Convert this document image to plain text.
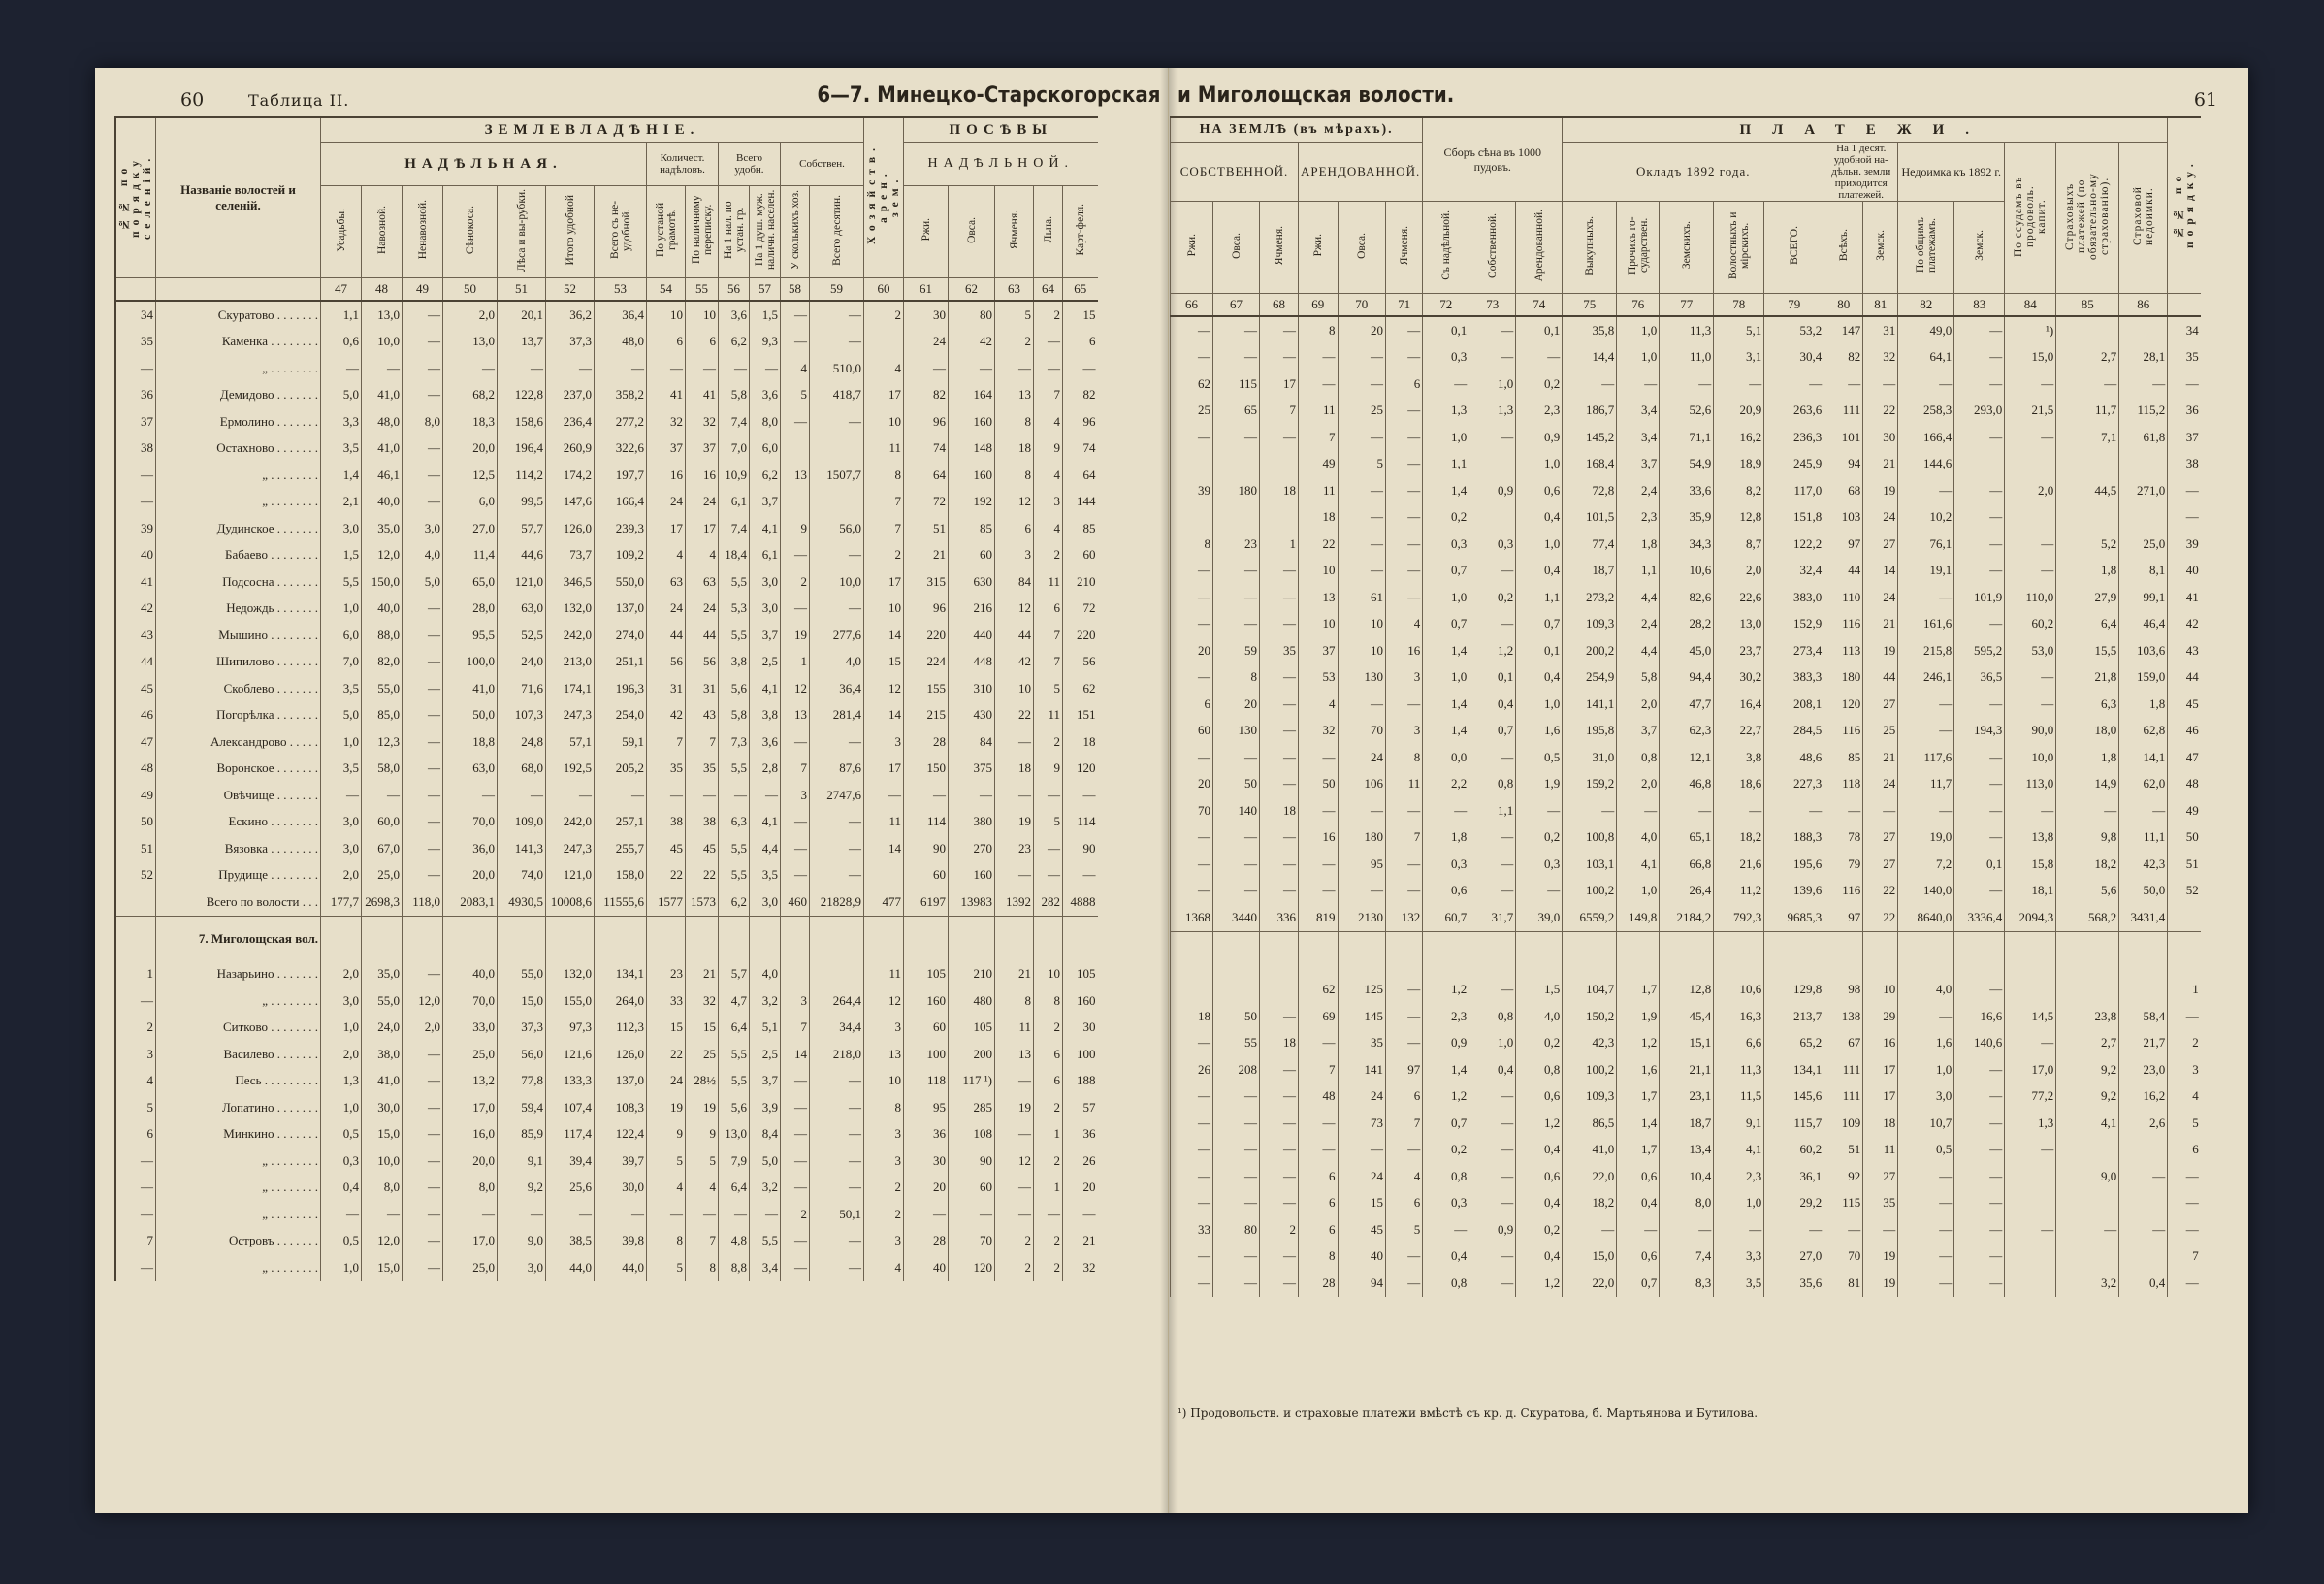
60	Таблица II.	6—7. Минецко-Старскогорская
№№ по порядку селеній.	Названіе волостей и селеній.	ЗЕМЛЕВЛАДѢНІЕ.													Хозяйств. арен. зем.	ПОСѢВЫ				
		НАДѢЛЬНАЯ.							Количест. надѣловъ.		Всего удобн.		Собствен.			НАДѢЛЬНОЙ.				
		Усадьбы.	Навозной.	Ненавозной.	Сѣнокоса.	Лѣса и вы-рубки.	Итого удобной	Всего съ не-удобной.	По устаной грамотѣ.	По наличному переписку.	На 1 нал. по устан. гр.	На 1 душ. муж. наличн. населен.	У сколькихъ хоз.	Всего десятин.		Ржи.	Овса.	Ячменя.	Льна.	Карт-феля.
		47	48	49	50	51	52	53	54	55	56	57	58	59	60	61	62	63	64	65
34	Скуратово . . . . . . .	1,1	13,0	—	2,0	20,1	36,2	36,4	10	10	3,6	1,5	—	—	2	30	80	5	2	15
35	Каменка . . . . . . . .	0,6	10,0	—	13,0	13,7	37,3	48,0	6	6	6,2	9,3	—	—		24	42	2	—	6
—	„ . . . . . . . .	—	—	—	—	—	—	—	—	—	—	—	4	510,0	4	—	—	—	—	—
36	Демидово . . . . . . .	5,0	41,0	—	68,2	122,8	237,0	358,2	41	41	5,8	3,6	5	418,7	17	82	164	13	7	82
37	Ермолино . . . . . . .	3,3	48,0	8,0	18,3	158,6	236,4	277,2	32	32	7,4	8,0	—	—	10	96	160	8	4	96
38	Остахново . . . . . . .	3,5	41,0	—	20,0	196,4	260,9	322,6	37	37	7,0	6,0			11	74	148	18	9	74
—	„ . . . . . . . .	1,4	46,1	—	12,5	114,2	174,2	197,7	16	16	10,9	6,2	13	1507,7	8	64	160	8	4	64
—	„ . . . . . . . .	2,1	40,0	—	6,0	99,5	147,6	166,4	24	24	6,1	3,7			7	72	192	12	3	144
39	Дудинское . . . . . . .	3,0	35,0	3,0	27,0	57,7	126,0	239,3	17	17	7,4	4,1	9	56,0	7	51	85	6	4	85
40	Бабаево . . . . . . . .	1,5	12,0	4,0	11,4	44,6	73,7	109,2	4	4	18,4	6,1	—	—	2	21	60	3	2	60
41	Подсосна . . . . . . .	5,5	150,0	5,0	65,0	121,0	346,5	550,0	63	63	5,5	3,0	2	10,0	17	315	630	84	11	210
42	Недождь . . . . . . .	1,0	40,0	—	28,0	63,0	132,0	137,0	24	24	5,3	3,0	—	—	10	96	216	12	6	72
43	Мышино . . . . . . . .	6,0	88,0	—	95,5	52,5	242,0	274,0	44	44	5,5	3,7	19	277,6	14	220	440	44	7	220
44	Шипилово . . . . . . .	7,0	82,0	—	100,0	24,0	213,0	251,1	56	56	3,8	2,5	1	4,0	15	224	448	42	7	56
45	Скоблево . . . . . . .	3,5	55,0	—	41,0	71,6	174,1	196,3	31	31	5,6	4,1	12	36,4	12	155	310	10	5	62
46	Погорѣлка . . . . . . .	5,0	85,0	—	50,0	107,3	247,3	254,0	42	43	5,8	3,8	13	281,4	14	215	430	22	11	151
47	Александрово . . . . .	1,0	12,3	—	18,8	24,8	57,1	59,1	7	7	7,3	3,6	—	—	3	28	84	—	2	18
48	Воронское . . . . . . .	3,5	58,0	—	63,0	68,0	192,5	205,2	35	35	5,5	2,8	7	87,6	17	150	375	18	9	120
49	Овѣчище . . . . . . .	—	—	—	—	—	—	—	—	—	—	—	3	2747,6	—	—	—	—	—	—
50	Ескино . . . . . . . .	3,0	60,0	—	70,0	109,0	242,0	257,1	38	38	6,3	4,1	—	—	11	114	380	19	5	114
51	Вязовка . . . . . . . .	3,0	67,0	—	36,0	141,3	247,3	255,7	45	45	5,5	4,4	—	—	14	90	270	23	—	90
52	Прудище . . . . . . . .	2,0	25,0	—	20,0	74,0	121,0	158,0	22	22	5,5	3,5	—	—		60	160	—	—	—
	Всего по волости . . .	177,7	2698,3	118,0	2083,1	4930,5	10008,6	11555,6	1577	1573	6,2	3,0	460	21828,9	477	6197	13983	1392	282	4888
	7. Миголощская вол.																			
1	Назарьино . . . . . . .	2,0	35,0	—	40,0	55,0	132,0	134,1	23	21	5,7	4,0			11	105	210	21	10	105
—	„ . . . . . . . .	3,0	55,0	12,0	70,0	15,0	155,0	264,0	33	32	4,7	3,2	3	264,4	12	160	480	8	8	160
2	Ситково . . . . . . . .	1,0	24,0	2,0	33,0	37,3	97,3	112,3	15	15	6,4	5,1	7	34,4	3	60	105	11	2	30
3	Василево . . . . . . .	2,0	38,0	—	25,0	56,0	121,6	126,0	22	25	5,5	2,5	14	218,0	13	100	200	13	6	100
4	Песь . . . . . . . . .	1,3	41,0	—	13,2	77,8	133,3	137,0	24	28½	5,5	3,7	—	—	10	118	117 ¹)	—	6	188
5	Лопатино . . . . . . .	1,0	30,0	—	17,0	59,4	107,4	108,3	19	19	5,6	3,9	—	—	8	95	285	19	2	57
6	Минкино . . . . . . .	0,5	15,0	—	16,0	85,9	117,4	122,4	9	9	13,0	8,4	—	—	3	36	108	—	1	36
—	„ . . . . . . . .	0,3	10,0	—	20,0	9,1	39,4	39,7	5	5	7,9	5,0	—	—	3	30	90	12	2	26
—	„ . . . . . . . .	0,4	8,0	—	8,0	9,2	25,6	30,0	4	4	6,4	3,2	—	—	2	20	60	—	1	20
—	„ . . . . . . . .	—	—	—	—	—	—	—	—	—	—	—	2	50,1	2	—	—	—	—	—
7	Островъ . . . . . . .	0,5	12,0	—	17,0	9,0	38,5	39,8	8	7	4,8	5,5	—	—	3	28	70	2	2	21
—	„ . . . . . . . .	1,0	15,0	—	25,0	3,0	44,0	44,0	5	8	8,8	3,4	—	—	4	40	120	2	2	32
и Миголощская волости.	61
НА ЗЕМЛѢ (въ мѣрахъ).						Сборъ сѣна въ 1000 пудовъ.			ПЛАТЕЖИ.												№№ по порядку.
СОБСТВЕННОЙ.			АРЕНДОВАННОЙ.						Окладъ 1892 года.					На 1 десят. удобной на-дѣльн. земли приходится платежей.		Недоимка къ 1892 г.		По ссудамъ въ продоволь. капит.	Страховыхъ платежей (по обязательно-му страхованію).	Страховой недоимки.	
Ржи.	Овса.	Ячменя.	Ржи.	Овса.	Ячменя.	Съ надѣльной.	Собственной.	Арендованной.	Выкупныхъ.	Прочихъ го-сударствен.	Земскихъ.	Волостныхъ и мірскихъ.	ВСЕГО.	Всѣхъ.	Земск.	По общимъ платежамъ.	Земск.				
66	67	68	69	70	71	72	73	74	75	76	77	78	79	80	81	82	83	84	85	86	
—	—	—	8	20	—	0,1	—	0,1	35,8	1,0	11,3	5,1	53,2	147	31	49,0	—	¹)			34
—	—	—	—	—	—	0,3	—	—	14,4	1,0	11,0	3,1	30,4	82	32	64,1	—	15,0	2,7	28,1	35
62	115	17	—	—	6	—	1,0	0,2	—	—	—	—	—	—	—	—	—	—	—	—	—
25	65	7	11	25	—	1,3	1,3	2,3	186,7	3,4	52,6	20,9	263,6	111	22	258,3	293,0	21,5	11,7	115,2	36
—	—	—	7	—	—	1,0	—	0,9	145,2	3,4	71,1	16,2	236,3	101	30	166,4	—	—	7,1	61,8	37
			49	5	—	1,1		1,0	168,4	3,7	54,9	18,9	245,9	94	21	144,6					38
39	180	18	11	—	—	1,4	0,9	0,6	72,8	2,4	33,6	8,2	117,0	68	19	—	—	2,0	44,5	271,0	—
			18	—	—	0,2		0,4	101,5	2,3	35,9	12,8	151,8	103	24	10,2	—				—
8	23	1	22	—	—	0,3	0,3	1,0	77,4	1,8	34,3	8,7	122,2	97	27	76,1	—	—	5,2	25,0	39
—	—	—	10	—	—	0,7	—	0,4	18,7	1,1	10,6	2,0	32,4	44	14	19,1	—	—	1,8	8,1	40
—	—	—	13	61	—	1,0	0,2	1,1	273,2	4,4	82,6	22,6	383,0	110	24	—	101,9	110,0	27,9	99,1	41
—	—	—	10	10	4	0,7	—	0,7	109,3	2,4	28,2	13,0	152,9	116	21	161,6	—	60,2	6,4	46,4	42
20	59	35	37	10	16	1,4	1,2	0,1	200,2	4,4	45,0	23,7	273,4	113	19	215,8	595,2	53,0	15,5	103,6	43
—	8	—	53	130	3	1,0	0,1	0,4	254,9	5,8	94,4	30,2	383,3	180	44	246,1	36,5	—	21,8	159,0	44
6	20	—	4	—	—	1,4	0,4	1,0	141,1	2,0	47,7	16,4	208,1	120	27	—	—	—	6,3	1,8	45
60	130	—	32	70	3	1,4	0,7	1,6	195,8	3,7	62,3	22,7	284,5	116	25	—	194,3	90,0	18,0	62,8	46
—	—	—	—	24	8	0,0	—	0,5	31,0	0,8	12,1	3,8	48,6	85	21	117,6	—	10,0	1,8	14,1	47
20	50	—	50	106	11	2,2	0,8	1,9	159,2	2,0	46,8	18,6	227,3	118	24	11,7	—	113,0	14,9	62,0	48
70	140	18	—	—	—	—	1,1	—	—	—	—	—	—	—	—	—	—	—	—	—	49
—	—	—	16	180	7	1,8	—	0,2	100,8	4,0	65,1	18,2	188,3	78	27	19,0	—	13,8	9,8	11,1	50
—	—	—	—	95	—	0,3	—	0,3	103,1	4,1	66,8	21,6	195,6	79	27	7,2	0,1	15,8	18,2	42,3	51
—	—	—	—	—	—	0,6	—	—	100,2	1,0	26,4	11,2	139,6	116	22	140,0	—	18,1	5,6	50,0	52
1368	3440	336	819	2130	132	60,7	31,7	39,0	6559,2	149,8	2184,2	792,3	9685,3	97	22	8640,0	3336,4	2094,3	568,2	3431,4	

			62	125	—	1,2	—	1,5	104,7	1,7	12,8	10,6	129,8	98	10	4,0	—				1
18	50	—	69	145	—	2,3	0,8	4,0	150,2	1,9	45,4	16,3	213,7	138	29	—	16,6	14,5	23,8	58,4	—
—	55	18	—	35	—	0,9	1,0	0,2	42,3	1,2	15,1	6,6	65,2	67	16	1,6	140,6	—	2,7	21,7	2
26	208	—	7	141	97	1,4	0,4	0,8	100,2	1,6	21,1	11,3	134,1	111	17	1,0	—	17,0	9,2	23,0	3
—	—	—	48	24	6	1,2	—	0,6	109,3	1,7	23,1	11,5	145,6	111	17	3,0	—	77,2	9,2	16,2	4
—	—	—	—	73	7	0,7	—	1,2	86,5	1,4	18,7	9,1	115,7	109	18	10,7	—	1,3	4,1	2,6	5
—	—	—	—	—	—	0,2	—	0,4	41,0	1,7	13,4	4,1	60,2	51	11	0,5	—	—			6
—	—	—	6	24	4	0,8	—	0,6	22,0	0,6	10,4	2,3	36,1	92	27	—	—		9,0	—	—
—	—	—	6	15	6	0,3	—	0,4	18,2	0,4	8,0	1,0	29,2	115	35	—	—				—
33	80	2	6	45	5	—	0,9	0,2	—	—	—	—	—	—	—	—	—	—	—	—	—
—	—	—	8	40	—	0,4	—	0,4	15,0	0,6	7,4	3,3	27,0	70	19	—	—				7
—	—	—	28	94	—	0,8	—	1,2	22,0	0,7	8,3	3,5	35,6	81	19	—	—		3,2	0,4	—
¹) Продовольств. и страховые платежи вмѣстѣ съ кр. д. Скуратова, б. Мартьянова и Бутилова.
